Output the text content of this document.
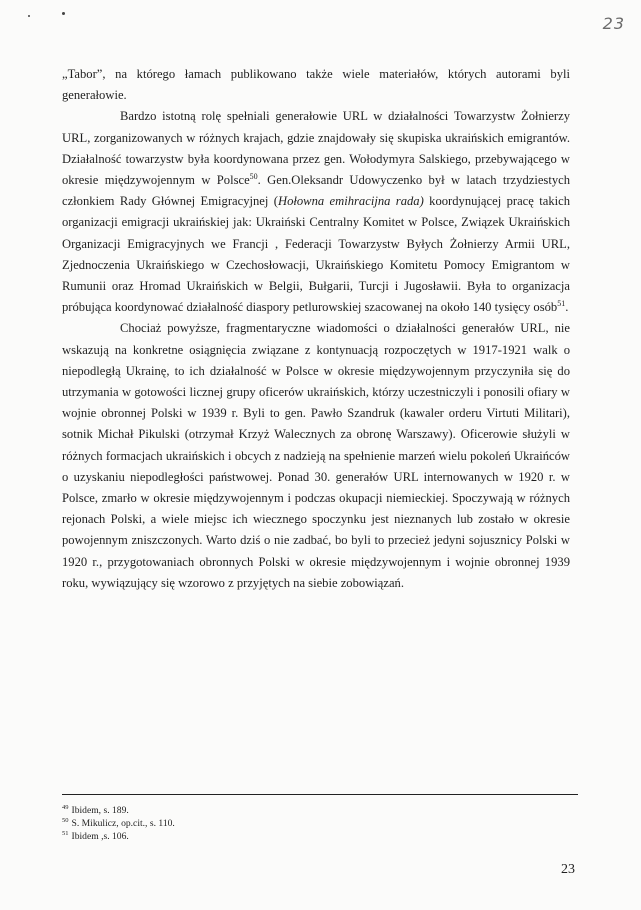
23

„Tabor”, na którego łamach publikowano także wiele materiałów, których autorami byli generałowie.

Bardzo istotną rolę spełniali generałowie URL w działalności Towarzystw Żołnierzy URL, zorganizowanych w różnych krajach, gdzie znajdowały się skupiska ukraińskich emigrantów. Działalność towarzystw była koordynowana przez gen. Wołodymyra Salskiego, przebywającego w okresie międzywojennym w Polsce$^{50}$. Gen.Oleksandr Udowyczenko był w latach trzydziestych członkiem Rady Głównej Emigracyjnej (Hołowna emihracijna rada) koordynującej pracę takich organizacji emigracji ukraińskiej jak: Ukraiński Centralny Komitet w Polsce, Związek Ukraińskich Organizacji Emigracyjnych we Francji , Federacji Towarzystw Byłych Żołnierzy Armii URL, Zjednoczenia Ukraińskiego w Czechosłowacji, Ukraińskiego Komitetu Pomocy Emigrantom w Rumunii oraz Hromad Ukraińskich w Belgii, Bułgarii, Turcji i Jugosławii. Była to organizacja próbująca koordynować działalność diaspory petlurowskiej szacowanej na około 140 tysięcy osób$^{51}$.

Chociaż powyższe, fragmentaryczne wiadomości o działalności generałów URL, nie wskazują na konkretne osiągnięcia związane z kontynuacją rozpoczętych w 1917-1921 walk o niepodległą Ukrainę, to ich działalność w Polsce w okresie międzywojennym przyczyniła się do utrzymania w gotowości licznej grupy oficerów ukraińskich, którzy uczestniczyli i ponosili ofiary w wojnie obronnej Polski w 1939 r. Byli to gen. Pawło Szandruk (kawaler orderu Virtuti Militari), sotnik Michał Pikulski (otrzymał Krzyż Walecznych za obronę Warszawy). Oficerowie służyli w różnych formacjach ukraińskich i obcych z nadzieją na spełnienie marzeń wielu pokoleń Ukraińców o uzyskaniu niepodległości państwowej. Ponad 30. generałów URL internowanych w 1920 r. w Polsce, zmarło w okresie międzywojennym i podczas okupacji niemieckiej. Spoczywają w różnych rejonach Polski, a wiele miejsc ich wiecznego spoczynku jest nieznanych lub zostało w okresie powojennym zniszczonych. Warto dziś o nie zadbać, bo byli to przecież jedyni sojusznicy Polski w 1920 r., przygotowaniach obronnych Polski w okresie międzywojennym i wojnie obronnej 1939 roku, wywiązujący się wzorowo z przyjętych na siebie zobowiązań.

$^{49}$ Ibidem, s. 189.
$^{50}$ S. Mikulicz, op.cit., s. 110.
$^{51}$ Ibidem ,s. 106.
23
